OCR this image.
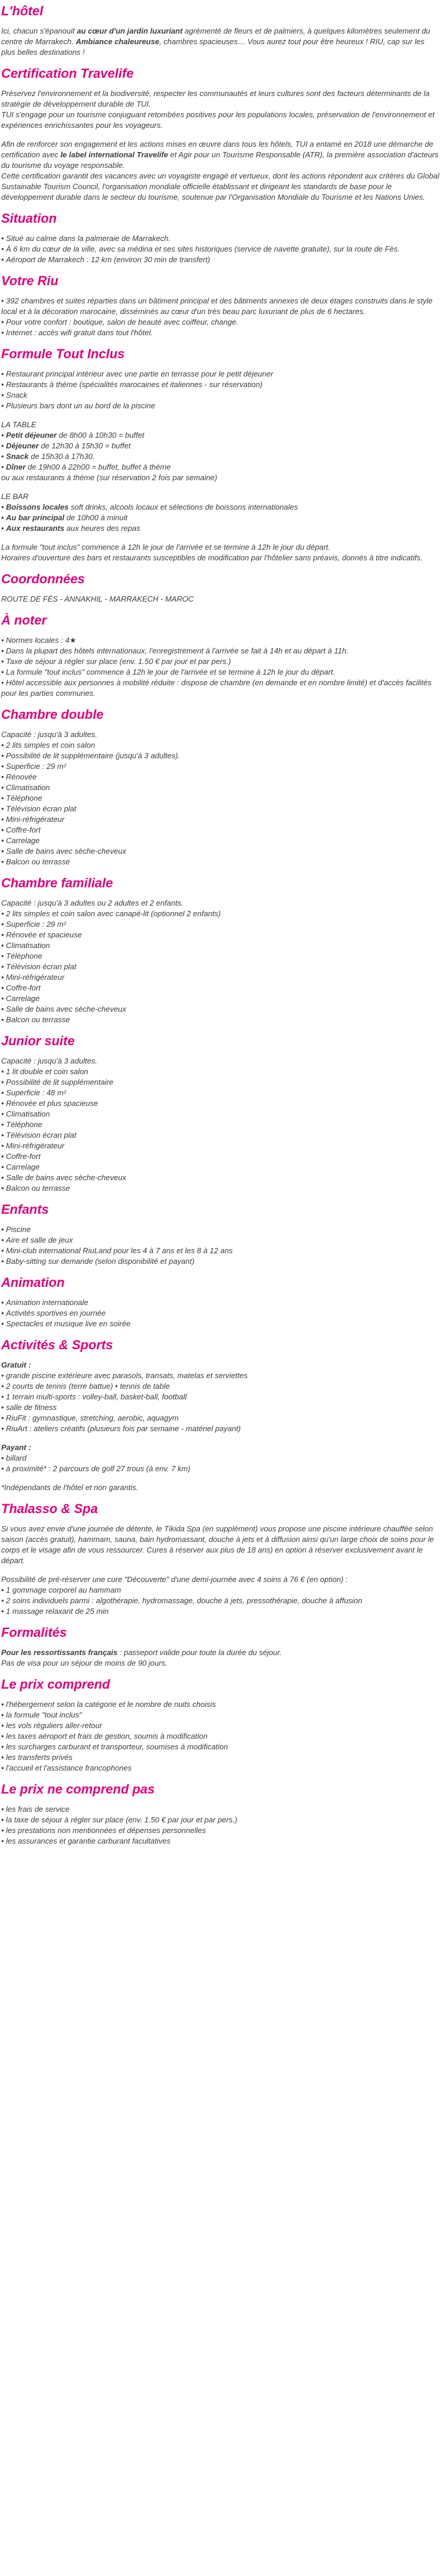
L'hôtel

Ici, chacun s'épanouit au cœur d'un jardin luxuriant agrémenté de fleurs et de palmiers, à quelques kilomètres seulement du centre de Marrakech. Ambiance chaleureuse, chambres spacieuses… Vous aurez tout pour être heureux ! RIU, cap sur les plus belles destinations !

Certification Travelife

Préservez l'environnement et la biodiversité, respecter les communautés et leurs cultures sont des facteurs déterminants de la stratégie de développement durable de TUI.
TUI s'engage pour un tourisme conjuguant retombées positives pour les populations locales, préservation de l'environnement et expériences enrichissantes pour les voyageurs.

Afin de renforcer son engagement et les actions mises en œuvre dans tous les hôtels, TUI a entamé en 2018 une démarche de certification avec le label international Travelife et Agir pour un Tourisme Responsable (ATR), la première association d'acteurs du tourisme du voyage responsable.
Cette certification garantit des vacances avec un voyagiste engagé et vertueux, dont les actions répondent aux critères du Global Sustainable Tourism Council, l'organisation mondiale officielle établissant et dirigeant les standards de base pour le développement durable dans le secteur du tourisme, soutenue par l'Organisation Mondiale du Tourisme et les Nations Unies.

Situation
• Situé au calme dans la palmeraie de Marrakech.
• À 6 km du cœur de la ville, avec sa médina et ses sites historiques (service de navette gratuite), sur la route de Fès.
• Aéroport de Marrakech : 12 km (environ 30 min de transfert)
Votre Riu
• 392 chambres et suites réparties dans un bâtiment principal et des bâtiments annexes de deux étages construits dans le style local et à la décoration marocaine, disséminés au cœur d'un très beau parc luxuriant de plus de 6 hectares.
• Pour votre confort : boutique, salon de beauté avec coiffeur, change.
• Internet : accès wifi gratuit dans tout l'hôtel.
Formule Tout Inclus
• Restaurant principal intérieur avec une partie en terrasse pour le petit déjeuner
• Restaurants à thème (spécialités marocaines et italiennes - sur réservation)
• Snack
• Plusieurs bars dont un au bord de la piscine
LA TABLE
• Petit déjeuner de 8h00 à 10h30 = buffet
• Déjeuner de 12h30 à 15h30 = buffet
• Snack de 15h30 à 17h30.
• Dîner de 19h00 à 22h00 = buffet, buffet à thème
ou aux restaurants à thème (sur réservation 2 fois par semaine)
LE BAR
• Boissons locales soft drinks, alcools locaux et sélections de boissons internationales
• Au bar principal de 10h00 à minuit
• Aux restaurants aux heures des repas

La formule "tout inclus" commence à 12h le jour de l'arrivée et se termine à 12h le jour du départ.
Horaires d'ouverture des bars et restaurants susceptibles de modification par l'hôtelier sans préavis, donnés à titre indicatifs.

Coordonnées

ROUTE DE FÈS - ANNAKHIL - MARRAKECH - MAROC

À noter
• Normes locales : 4★
• Dans la plupart des hôtels internationaux, l'enregistrement à l'arrivée se fait à 14h et au départ à 11h.
• Taxe de séjour à régler sur place (env. 1.50 € par jour et par pers.)
• La formule "tout inclus" commence à 12h le jour de l'arrivée et se termine à 12h le jour du départ.
• Hôtel accessible aux personnes à mobilité réduite : dispose de chambre (en demande et en nombre limité) et d'accès facilités pour les parties communes.
Chambre double
Capacité : jusqu'à 3 adultes.
• 2 lits simples et coin salon
• Possibilité de lit supplémentaire (jusqu'à 3 adultes).
• Superficie : 29 m²
• Rénovée
• Climatisation
• Téléphone
• Télévision écran plat
• Mini-réfrigérateur
• Coffre-fort
• Carrelage
• Salle de bains avec sèche-cheveux
• Balcon ou terrasse
Chambre familiale
Capacité : jusqu'à 3 adultes ou 2 adultes et 2 enfants.
• 2 lits simples et coin salon avec canapé-lit (optionnel 2 enfants)
• Superficie : 29 m²
• Rénovée et spacieuse
• Climatisation
• Téléphone
• Télévision écran plat
• Mini-réfrigérateur
• Coffre-fort
• Carrelage
• Salle de bains avec sèche-cheveux
• Balcon ou terrasse
Junior suite
Capacité : jusqu'à 3 adultes.
• 1 lit double et coin salon
• Possibilité de lit supplémentaire
• Superficie : 48 m²
• Rénovée et plus spacieuse
• Climatisation
• Téléphone
• Télévision écran plat
• Mini-réfrigérateur
• Coffre-fort
• Carrelage
• Salle de bains avec sèche-cheveux
• Balcon ou terrasse
Enfants
• Piscine
• Aire et salle de jeux
• Mini-club international RiuLand pour les 4 à 7 ans et les 8 à 12 ans
• Baby-sitting sur demande (selon disponibilité et payant)
Animation
• Animation internationale
• Activités sportives en journée
• Spectacles et musique live en soirée
Activités & Sports
Gratuit :
• grande piscine extérieure avec parasols, transats, matelas et serviettes
• 2 courts de tennis (terre battue) • tennis de table
• 1 terrain multi-sports : volley-ball, basket-ball, football
• salle de fitness
• RiuFit : gymnastique, stretching, aerobic, aquagym
• RiuArt : ateliers créatifs (plusieurs fois par semaine - matériel payant)
Payant :
• billard
• à proximité* : 2 parcours de golf 27 trous (à env. 7 km)

*Indépendants de l'hôtel et non garantis.

Thalasso & Spa

Si vous avez envie d'une journée de détente, le Tikida Spa (en supplément) vous propose une piscine intérieure chauffée selon saison (accès gratuit), hammam, sauna, bain hydromassant, douche à jets et à diffusion ainsi qu'un large choix de soins pour le corps et le visage afin de vous ressourcer. Cures à réserver aux plus de 18 ans) en option à réserver exclusivement avant le départ.

Possibilité de pré-réserver une cure "Découverte" d'une demi-journée avec 4 soins à 76 € (en option) :
• 1 gommage corporel au hammam
• 2 soins individuels parmi : algothérapie, hydromassage, douche à jets, pressothérapie, douche à affusion
• 1 massage relaxant de 25 min
Formalités

Pour les ressortissants français : passeport valide pour toute la durée du séjour.
Pas de visa pour un séjour de moins de 90 jours.

Le prix comprend
• l'hébergement selon la catégorie et le nombre de nuits choisis
• la formule "tout inclus"
• les vols réguliers aller-retour
• les taxes aéroport et frais de gestion, soumis à modification
• les surcharges carburant et transporteur, soumises à modification
• les transferts privés
• l'accueil et l'assistance francophones
Le prix ne comprend pas
• les frais de service
• la taxe de séjour à régler sur place (env. 1.50 € par jour et par pers.)
• les prestations non mentionnées et dépenses personnelles
• les assurances et garantie carburant facultatives
